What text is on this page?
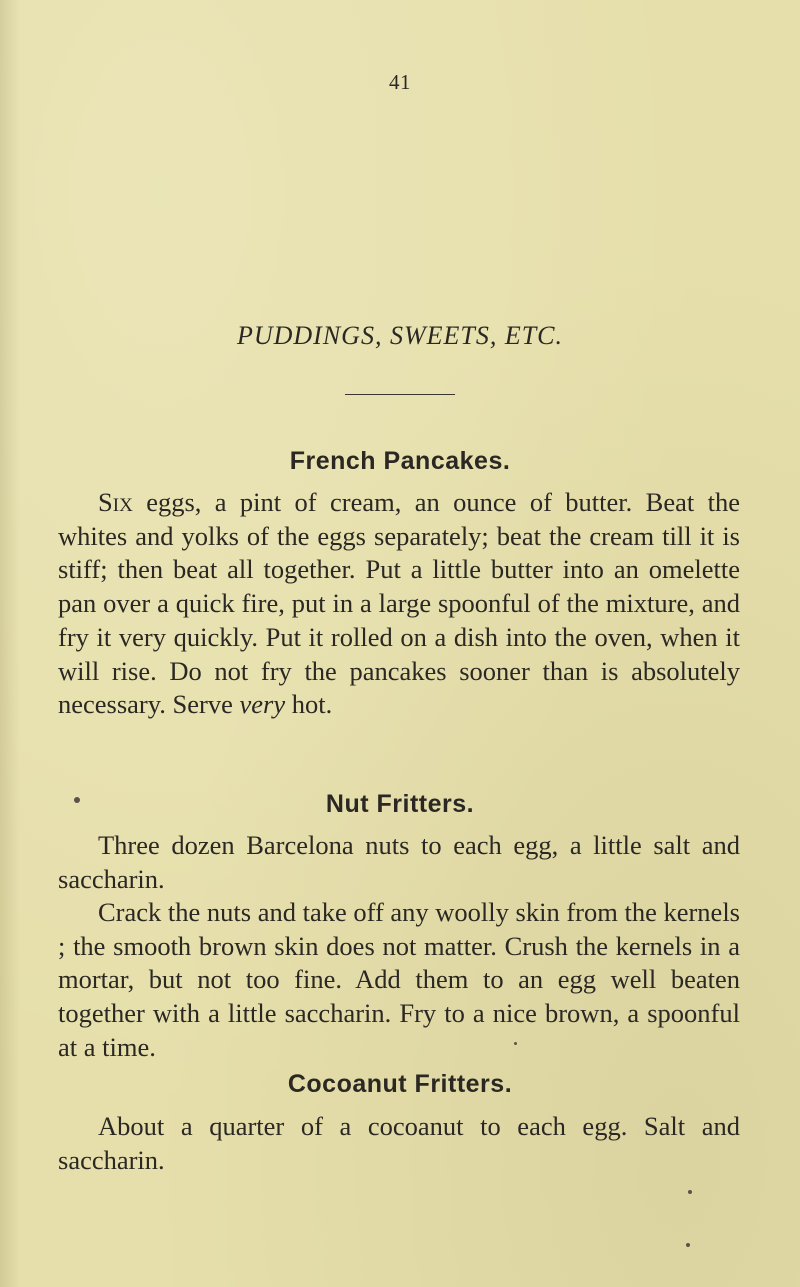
41
PUDDINGS, SWEETS, ETC.
French Pancakes.
Six eggs, a pint of cream, an ounce of butter. Beat the whites and yolks of the eggs separately; beat the cream till it is stiff; then beat all together. Put a little butter into an omelette pan over a quick fire, put in a large spoonful of the mixture, and fry it very quickly. Put it rolled on a dish into the oven, when it will rise. Do not fry the pancakes sooner than is absolutely necessary. Serve very hot.
Nut Fritters.
Three dozen Barcelona nuts to each egg, a little salt and saccharin.
Crack the nuts and take off any woolly skin from the kernels ; the smooth brown skin does not matter. Crush the kernels in a mortar, but not too fine. Add them to an egg well beaten together with a little saccharin. Fry to a nice brown, a spoonful at a time.
Cocoanut Fritters.
About a quarter of a cocoanut to each egg. Salt and saccharin.
